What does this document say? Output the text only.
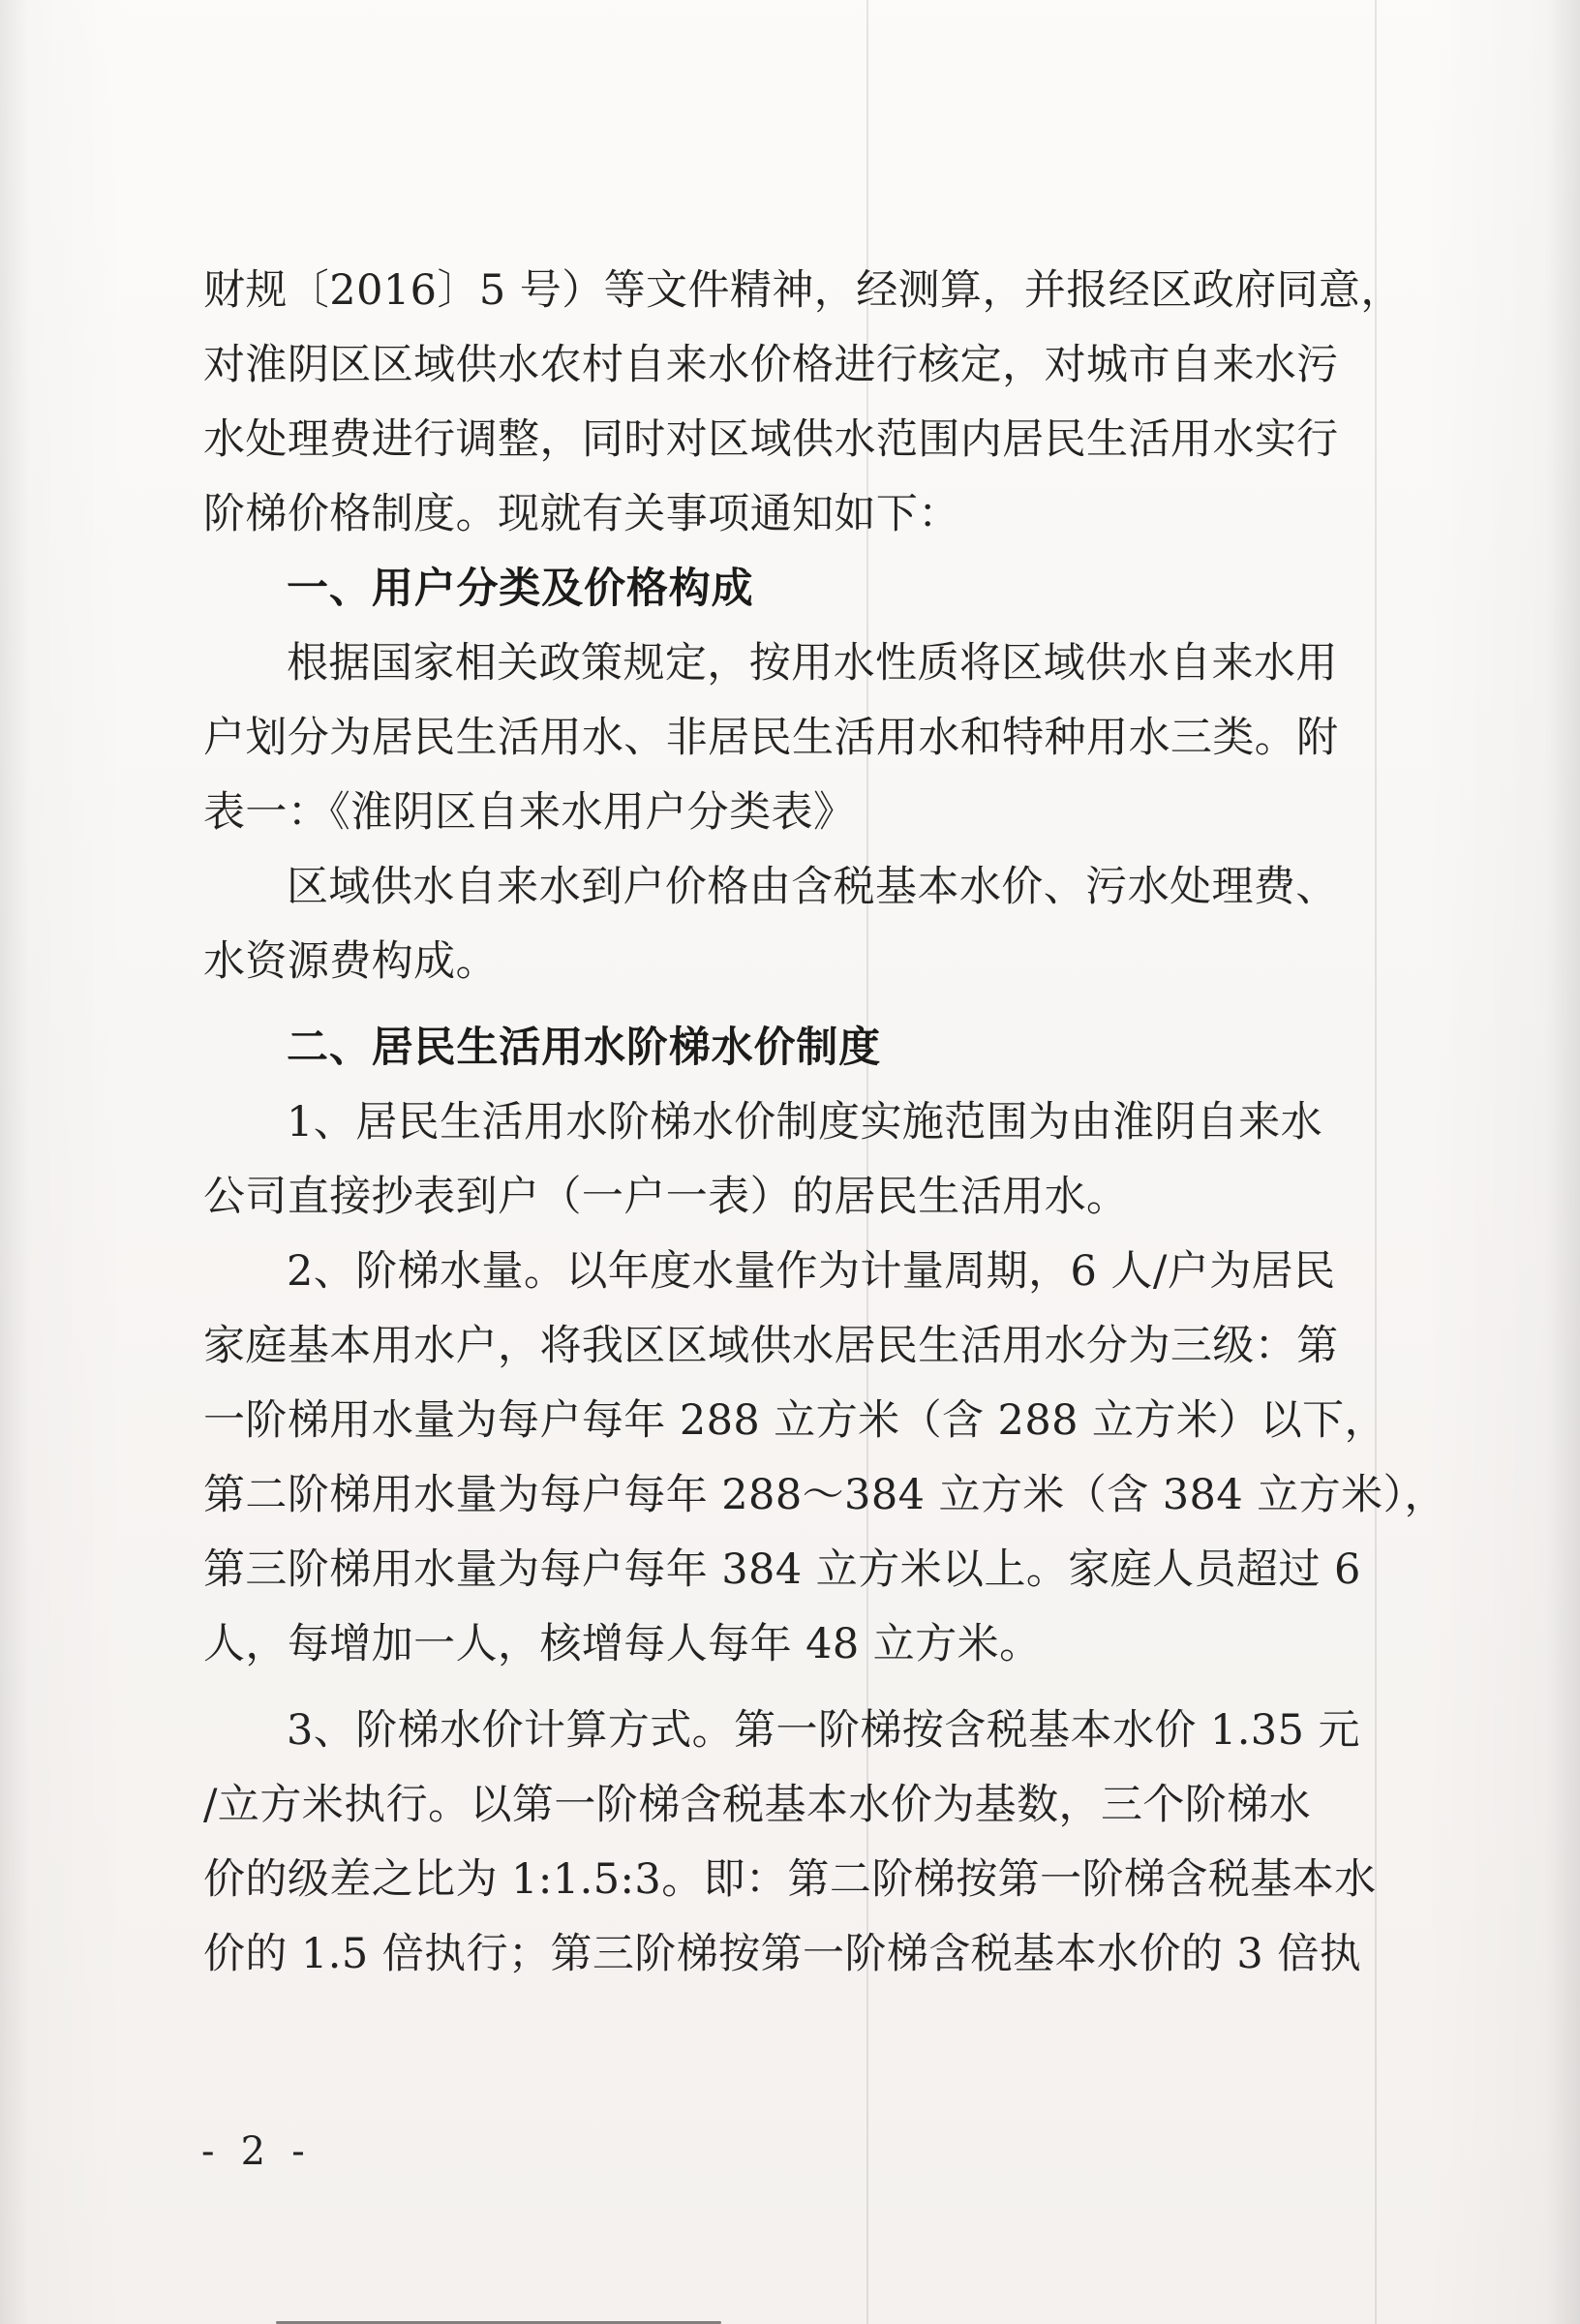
财规〔2016〕5 号）等文件精神，经测算，并报经区政府同意，
对淮阴区区域供水农村自来水价格进行核定，对城市自来水污
水处理费进行调整，同时对区域供水范围内居民生活用水实行
阶梯价格制度。现就有关事项通知如下：
一、用户分类及价格构成
根据国家相关政策规定，按用水性质将区域供水自来水用
户划分为居民生活用水、非居民生活用水和特种用水三类。附
表一：《淮阴区自来水用户分类表》
区域供水自来水到户价格由含税基本水价、污水处理费、
水资源费构成。
二、居民生活用水阶梯水价制度
1、居民生活用水阶梯水价制度实施范围为由淮阴自来水
公司直接抄表到户（一户一表）的居民生活用水。
2、阶梯水量。以年度水量作为计量周期，6 人/户为居民
家庭基本用水户，将我区区域供水居民生活用水分为三级：第
一阶梯用水量为每户每年 288 立方米（含 288 立方米）以下，
第二阶梯用水量为每户每年 288～384 立方米（含 384 立方米），
第三阶梯用水量为每户每年 384 立方米以上。家庭人员超过 6
人，每增加一人，核增每人每年 48 立方米。
3、阶梯水价计算方式。第一阶梯按含税基本水价 1.35 元
/立方米执行。以第一阶梯含税基本水价为基数，三个阶梯水
价的级差之比为 1:1.5:3。即：第二阶梯按第一阶梯含税基本水
价的 1.5 倍执行；第三阶梯按第一阶梯含税基本水价的 3 倍执
- 2 -
